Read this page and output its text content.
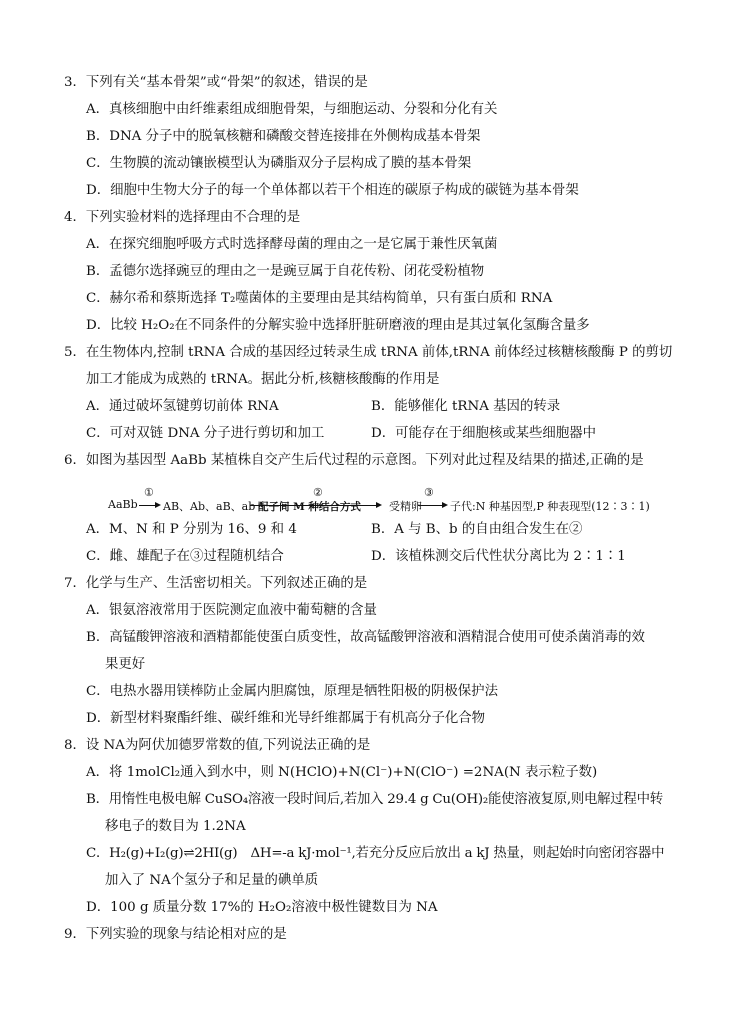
3．下列有关“基本骨架”或“骨架”的叙述，错误的是
A．真核细胞中由纤维素组成细胞骨架，与细胞运动、分裂和分化有关
B．DNA 分子中的脱氧核糖和磷酸交替连接排在外侧构成基本骨架
C．生物膜的流动镶嵌模型认为磷脂双分子层构成了膜的基本骨架
D．细胞中生物大分子的每一个单体都以若干个相连的碳原子构成的碳链为基本骨架
4．下列实验材料的选择理由不合理的是
A．在探究细胞呼吸方式时选择酵母菌的理由之一是它属于兼性厌氧菌
B．孟德尔选择豌豆的理由之一是豌豆属于自花传粉、闭花受粉植物
C．赫尔希和蔡斯选择 T₂噬菌体的主要理由是其结构简单，只有蛋白质和 RNA
D．比较 H₂O₂在不同条件的分解实验中选择肝脏研磨液的理由是其过氧化氢酶含量多
5．在生物体内,控制 tRNA 合成的基因经过转录生成 tRNA 前体,tRNA 前体经过核糖核酸酶 P 的剪切
加工才能成为成熟的 tRNA。据此分析,核糖核酸酶的作用是
A．通过破坏氢键剪切前体 RNA	B．能够催化 tRNA 基因的转录
C．可对双链 DNA 分子进行剪切和加工	D．可能存在于细胞核或某些细胞器中
6．如图为基因型 AaBb 某植株自交产生后代过程的示意图。下列对此过程及结果的描述,正确的是
AaBb
①
AB、Ab、aB、ab
②
配子间 M 种结合方式	受精卵
③
子代:N 种基因型,P 种表现型(12∶3∶1)
A．M、N 和 P 分别为 16、9 和 4	B．A 与 B、b 的自由组合发生在②
C．雌、雄配子在③过程随机结合	D．该植株测交后代性状分离比为 2∶1∶1
7．化学与生产、生活密切相关。下列叙述正确的是
A．银氨溶液常用于医院测定血液中葡萄糖的含量
B．高锰酸钾溶液和酒精都能使蛋白质变性，故高锰酸钾溶液和酒精混合使用可使杀菌消毒的效
果更好
C．电热水器用镁棒防止金属内胆腐蚀，原理是牺牲阳极的阴极保护法
D．新型材料聚酯纤维、碳纤维和光导纤维都属于有机高分子化合物
8．设 NA为阿伏加德罗常数的值,下列说法正确的是
A．将 1molCl₂通入到水中，则 N(HClO)+N(Cl⁻)+N(ClO⁻) =2NA(N 表示粒子数)
B．用惰性电极电解 CuSO₄溶液一段时间后,若加入 29.4 g Cu(OH)₂能使溶液复原,则电解过程中转
移电子的数目为 1.2NA
C．H₂(g)+I₂(g)⇌2HI(g)　ΔH=-a kJ·mol⁻¹,若充分反应后放出 a kJ 热量，则起始时向密闭容器中
加入了 NA个氢分子和足量的碘单质
D．100 g 质量分数 17%的 H₂O₂溶液中极性键数目为 NA
9．下列实验的现象与结论相对应的是
